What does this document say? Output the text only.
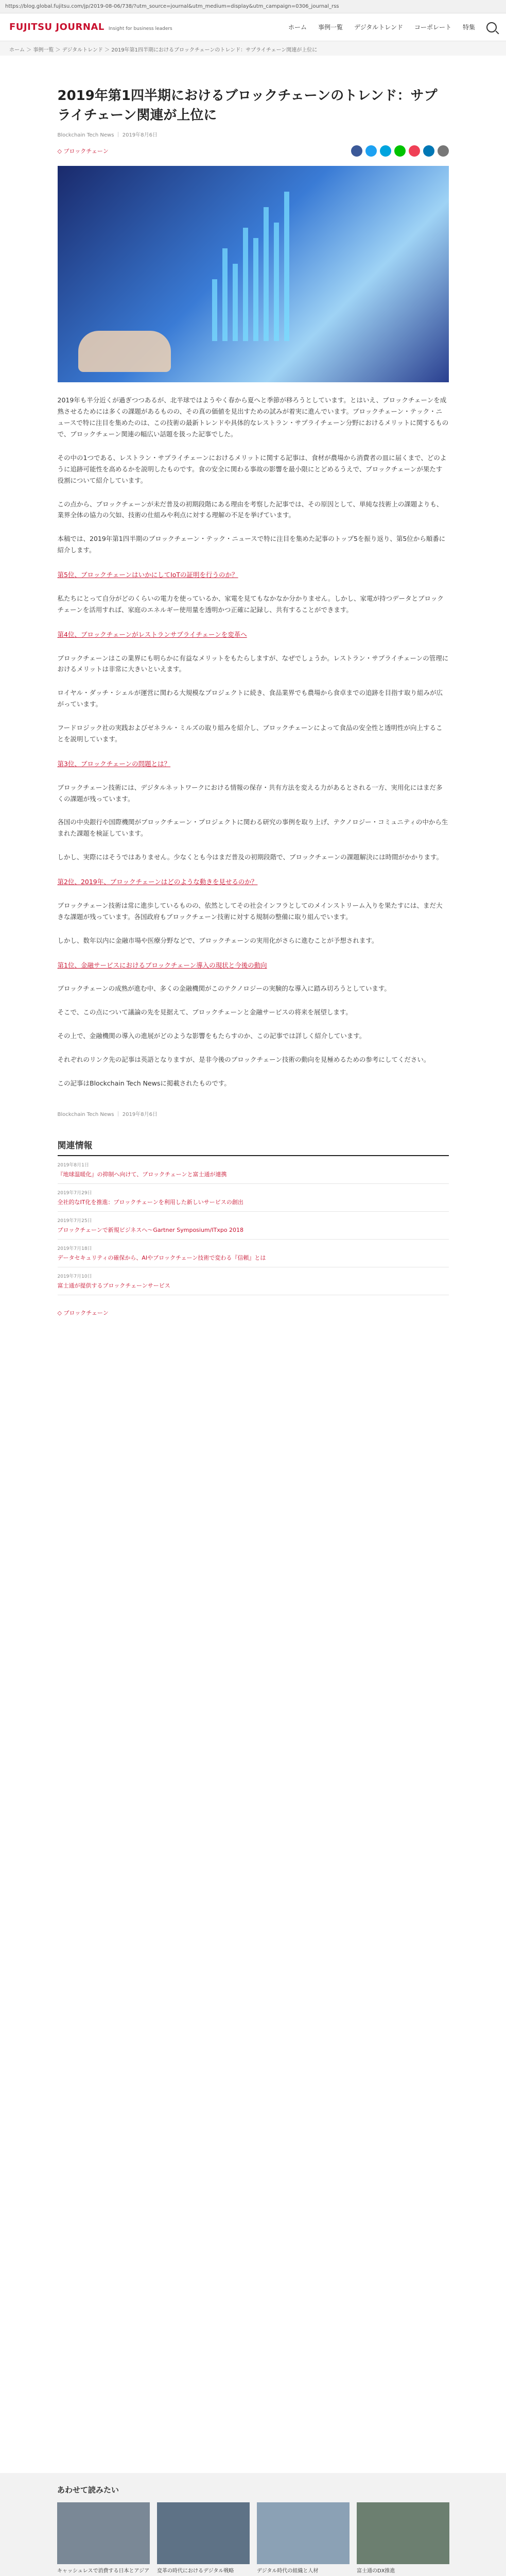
https://blog.global.fujitsu.com/jp/2019-08-06/738/?utm_source=journal&utm_medium=display&utm_campaign=0306_journal_rss
FUJITSU JOURNAL Insight for business leaders	ホーム 事例一覧 デジタルトレンド コーポレート 特集
ホーム ＞ 事例一覧 ＞ デジタルトレンド ＞ 2019年第1四半期におけるブロックチェーンのトレンド：サプライチェーン関連が上位に
2019年第1四半期におけるブロックチェーンのトレンド：サプライチェーン関連が上位に
Blockchain Tech News ｜ 2019年8月6日
◇ ブロックチェーン

2019年も半分近くが過ぎつつあるが、北半球ではようやく春から夏へと季節が移ろうとしています。とはいえ、ブロックチェーンを成熟させるためには多くの課題があるものの、その真の価値を見出すための試みが着実に進んでいます。ブロックチェーン・テック・ニュースで特に注目を集めたのは、この技術の最新トレンドや具体的なレストラン・サプライチェーン分野におけるメリットに関するもので、ブロックチェーン関連の幅広い話題を扱った記事でした。

その中の1つである、レストラン・サプライチェーンにおけるメリットに関する記事は、食材が農場から消費者の皿に届くまで、どのように追跡可能性を高めるかを説明したものです。食の安全に関わる事故の影響を最小限にとどめるうえで、ブロックチェーンが果たす役割について紹介しています。

この点から、ブロックチェーンが未だ普及の初期段階にある理由を考察した記事では、その原因として、単純な技術上の課題よりも、業界全体の協力の欠如、技術の仕組みや利点に対する理解の不足を挙げています。

本稿では、2019年第1四半期のブロックチェーン・テック・ニュースで特に注目を集めた記事のトップ5を振り返り、第5位から順番に紹介します。

第5位、ブロックチェーンはいかにしてIoTの証明を行うのか？

私たちにとって自分がどのくらいの電力を使っているか、家電を見てもなかなか分かりません。しかし、家電が持つデータとブロックチェーンを活用すれば、家庭のエネルギー使用量を透明かつ正確に記録し、共有することができます。

第4位、ブロックチェーンがレストランサプライチェーンを変革へ

ブロックチェーンはこの業界にも明らかに有益なメリットをもたらしますが、なぜでしょうか。レストラン・サプライチェーンの管理におけるメリットは非常に大きいといえます。

ロイヤル・ダッチ・シェルが運営に関わる大規模なプロジェクトに続き、食品業界でも農場から食卓までの追跡を目指す取り組みが広がっています。

フードロジック社の実践およびゼネラル・ミルズの取り組みを紹介し、ブロックチェーンによって食品の安全性と透明性が向上することを説明しています。

第3位、ブロックチェーンの問題とは？

ブロックチェーン技術には、デジタルネットワークにおける情報の保存・共有方法を変える力があるとされる一方、実用化にはまだ多くの課題が残っています。

各国の中央銀行や国際機関がブロックチェーン・プロジェクトに関わる研究の事例を取り上げ、テクノロジー・コミュニティの中から生まれた課題を検証しています。

しかし、実際にはそうではありません。少なくとも今はまだ普及の初期段階で、ブロックチェーンの課題解決には時間がかかります。

第2位、2019年、ブロックチェーンはどのような動きを見せるのか？

ブロックチェーン技術は常に進歩しているものの、依然としてその社会インフラとしてのメインストリーム入りを果たすには、まだ大きな課題が残っています。各国政府もブロックチェーン技術に対する規制の整備に取り組んでいます。

しかし、数年以内に金融市場や医療分野などで、ブロックチェーンの実用化がさらに進むことが予想されます。

第1位、金融サービスにおけるブロックチェーン導入の現状と今後の動向

ブロックチェーンの成熟が進む中、多くの金融機関がこのテクノロジーの実験的な導入に踏み切ろうとしています。

そこで、この点について議論の先を見据えて、ブロックチェーンと金融サービスの将来を展望します。

その上で、金融機関の導入の進展がどのような影響をもたらすのか、この記事では詳しく紹介しています。

それぞれのリンク先の記事は英語となりますが、是非今後のブロックチェーン技術の動向を見極めるための参考にしてください。

この記事はBlockchain Tech Newsに掲載されたものです。

Blockchain Tech News ｜ 2019年8月6日
関連情報
2019年8月1日
『地球温暖化』の抑制へ向けて、ブロックチェーンと富士通が連携
2019年7月29日
全社的なIT化を推進：ブロックチェーンを利用した新しいサービスの創出
2019年7月25日
ブロックチェーンで新規ビジネスへ～Gartner Symposium/ITxpo 2018
2019年7月18日
データセキュリティの確保から、AIやブロックチェーン技術で変わる『信頼』とは
2019年7月10日
富士通が提供するブロックチェーンサービス
◇ ブロックチェーン
あわせて読みたい
キャッシュレスで消費する日本とアジア 変革の時代におけるデジタル戦略	デジタル時代の組織と人材	富士通のDX推進
